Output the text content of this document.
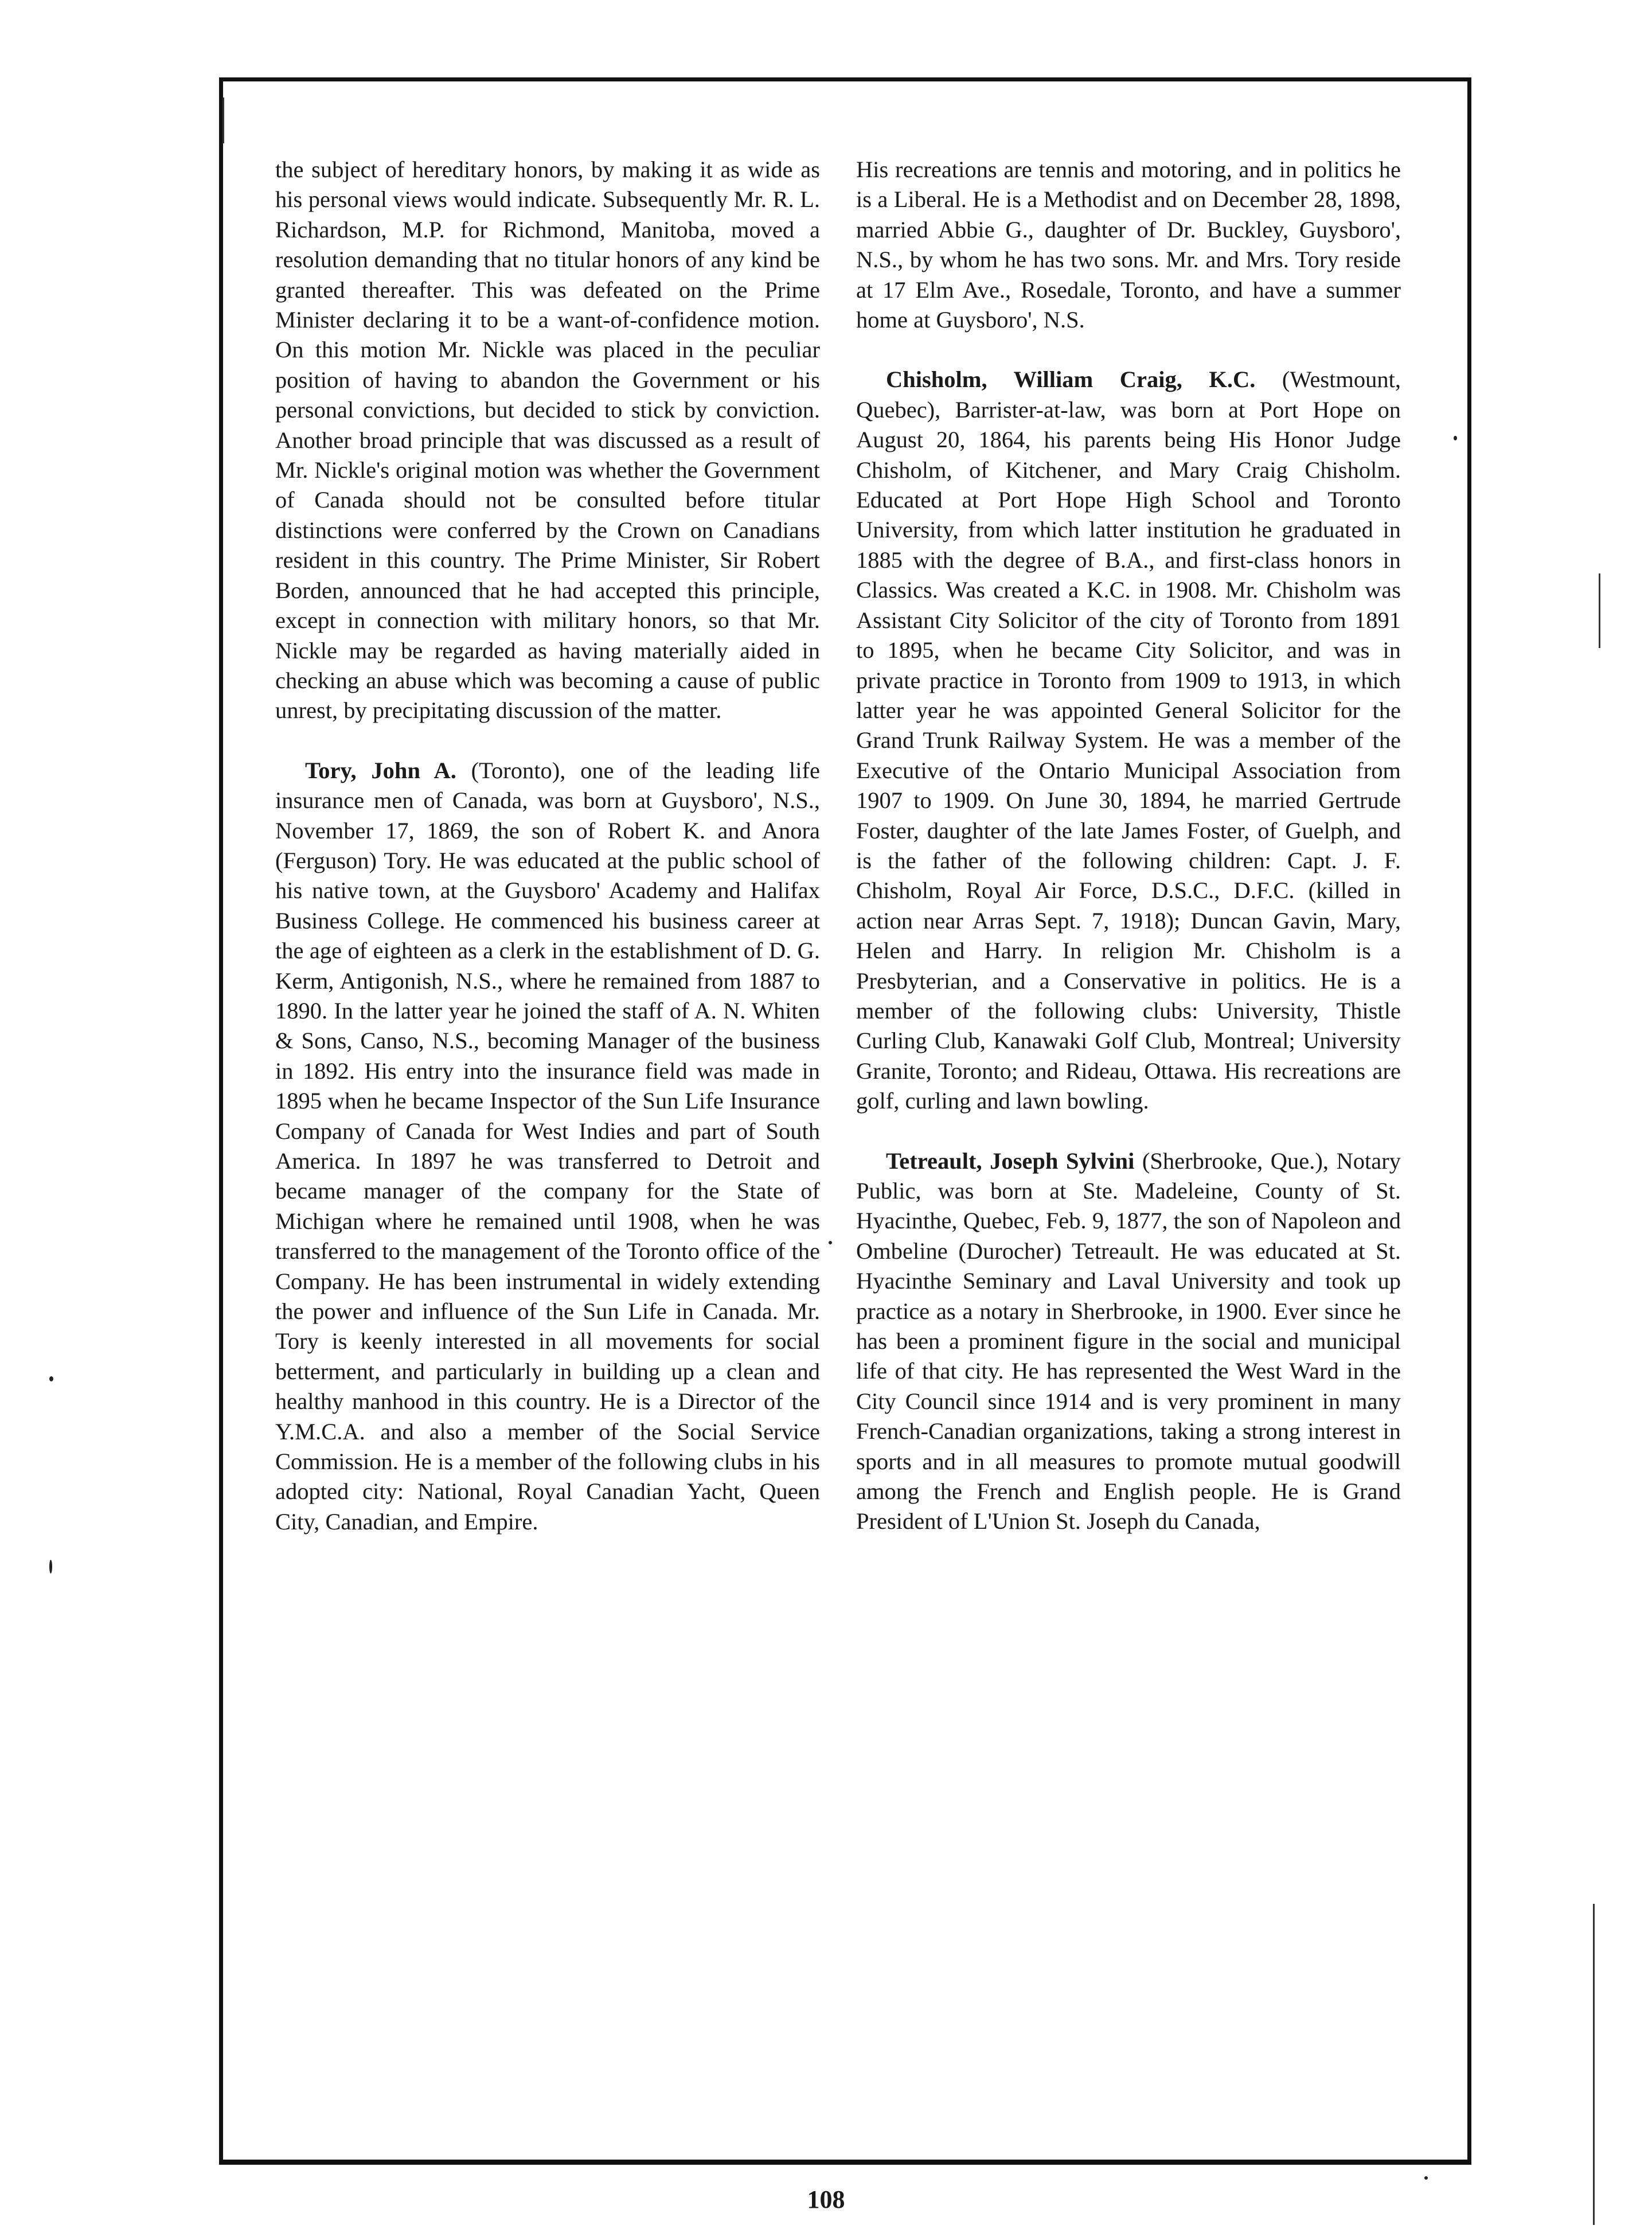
the subject of hereditary honors, by making it as wide as his personal views would indicate. Subsequently Mr. R. L. Richardson, M.P. for Richmond, Manitoba, moved a resolution demanding that no titular honors of any kind be granted thereafter. This was defeated on the Prime Minister declaring it to be a want-of-confidence motion. On this motion Mr. Nickle was placed in the peculiar position of having to abandon the Government or his personal convictions, but decided to stick by conviction. Another broad principle that was discussed as a result of Mr. Nickle's original motion was whether the Government of Canada should not be consulted before titular distinctions were conferred by the Crown on Canadians resident in this country. The Prime Minister, Sir Robert Borden, announced that he had accepted this principle, except in connection with military honors, so that Mr. Nickle may be regarded as having materially aided in checking an abuse which was becoming a cause of public unrest, by precipitating discussion of the matter.

Tory, John A. (Toronto), one of the leading life insurance men of Canada, was born at Guysboro', N.S., November 17, 1869, the son of Robert K. and Anora (Ferguson) Tory. He was educated at the public school of his native town, at the Guysboro' Academy and Halifax Business College. He commenced his business career at the age of eighteen as a clerk in the establishment of D. G. Kerm, Antigonish, N.S., where he remained from 1887 to 1890. In the latter year he joined the staff of A. N. Whiten & Sons, Canso, N.S., becoming Manager of the business in 1892. His entry into the insurance field was made in 1895 when he became Inspector of the Sun Life Insurance Company of Canada for West Indies and part of South America. In 1897 he was transferred to Detroit and became manager of the company for the State of Michigan where he remained until 1908, when he was transferred to the management of the Toronto office of the Company. He has been instrumental in widely extending the power and influence of the Sun Life in Canada. Mr. Tory is keenly interested in all movements for social betterment, and particularly in building up a clean and healthy manhood in this country. He is a Director of the Y.M.C.A. and also a member of the Social Service Commission. He is a member of the following clubs in his adopted city: National, Royal Canadian Yacht, Queen City, Canadian, and Empire.

His recreations are tennis and motoring, and in politics he is a Liberal. He is a Methodist and on December 28, 1898, married Abbie G., daughter of Dr. Buckley, Guysboro', N.S., by whom he has two sons. Mr. and Mrs. Tory reside at 17 Elm Ave., Rosedale, Toronto, and have a summer home at Guysboro', N.S.

Chisholm, William Craig, K.C. (Westmount, Quebec), Barrister-at-law, was born at Port Hope on August 20, 1864, his parents being His Honor Judge Chisholm, of Kitchener, and Mary Craig Chisholm. Educated at Port Hope High School and Toronto University, from which latter institution he graduated in 1885 with the degree of B.A., and first-class honors in Classics. Was created a K.C. in 1908. Mr. Chisholm was Assistant City Solicitor of the city of Toronto from 1891 to 1895, when he became City Solicitor, and was in private practice in Toronto from 1909 to 1913, in which latter year he was appointed General Solicitor for the Grand Trunk Railway System. He was a member of the Executive of the Ontario Municipal Association from 1907 to 1909. On June 30, 1894, he married Gertrude Foster, daughter of the late James Foster, of Guelph, and is the father of the following children: Capt. J. F. Chisholm, Royal Air Force, D.S.C., D.F.C. (killed in action near Arras Sept. 7, 1918); Duncan Gavin, Mary, Helen and Harry. In religion Mr. Chisholm is a Presbyterian, and a Conservative in politics. He is a member of the following clubs: University, Thistle Curling Club, Kanawaki Golf Club, Montreal; University Granite, Toronto; and Rideau, Ottawa. His recreations are golf, curling and lawn bowling.

Tetreault, Joseph Sylvini (Sherbrooke, Que.), Notary Public, was born at Ste. Madeleine, County of St. Hyacinthe, Quebec, Feb. 9, 1877, the son of Napoleon and Ombeline (Durocher) Tetreault. He was educated at St. Hyacinthe Seminary and Laval University and took up practice as a notary in Sherbrooke, in 1900. Ever since he has been a prominent figure in the social and municipal life of that city. He has represented the West Ward in the City Council since 1914 and is very prominent in many French-Canadian organizations, taking a strong interest in sports and in all measures to promote mutual goodwill among the French and English people. He is Grand President of L'Union St. Joseph du Canada,

108
